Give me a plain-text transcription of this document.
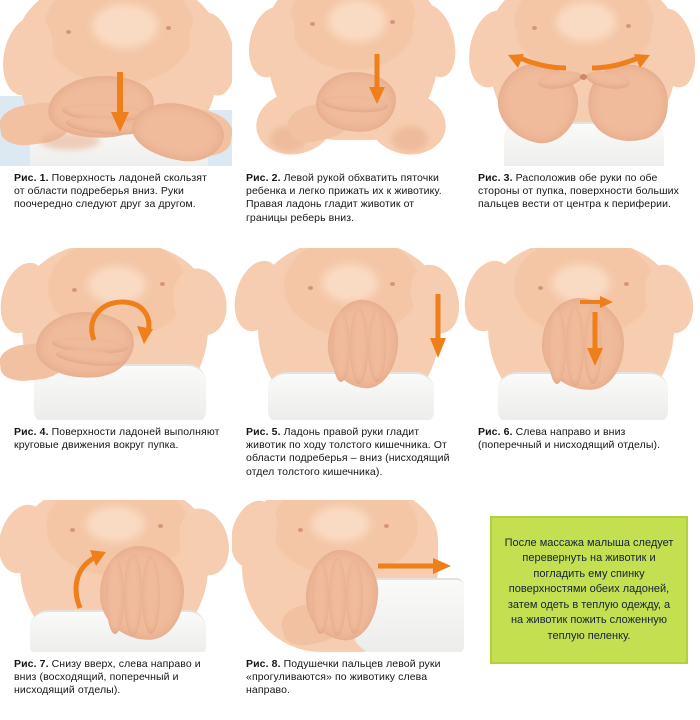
Рис. 1. Поверхность ладоней скользят от области подреберья вниз. Руки поочередно следуют друг за другом.
Рис. 2. Левой рукой обхватить пяточки ребенка и легко прижать их к животику. Правая ладонь гладит животик от границы реберь вниз.
Рис. 3. Расположив обе руки по обе стороны от пупка, поверхности больших пальцев вести от центра к периферии.
Рис. 4. Поверхности ладоней выполняют круговые движения вокруг пупка.
Рис. 5. Ладонь правой руки гладит животик по ходу толстого кишечника. От области подреберья – вниз (нисходящий отдел толстого кишечника).
Рис. 6. Слева направо и вниз (поперечный и нисходящий отделы).
Рис. 7. Снизу вверх, слева направо и вниз (восходящий, поперечный и нисходящий отделы).
Рис. 8. Подушечки пальцев левой руки «прогуливаются» по животику слева направо.

После массажа малыша следует перевернуть на животик и погладить ему спинку поверхностями обеих ладоней, затем одеть в теплую одежду, а на животик пожить сложенную теплую пеленку.
